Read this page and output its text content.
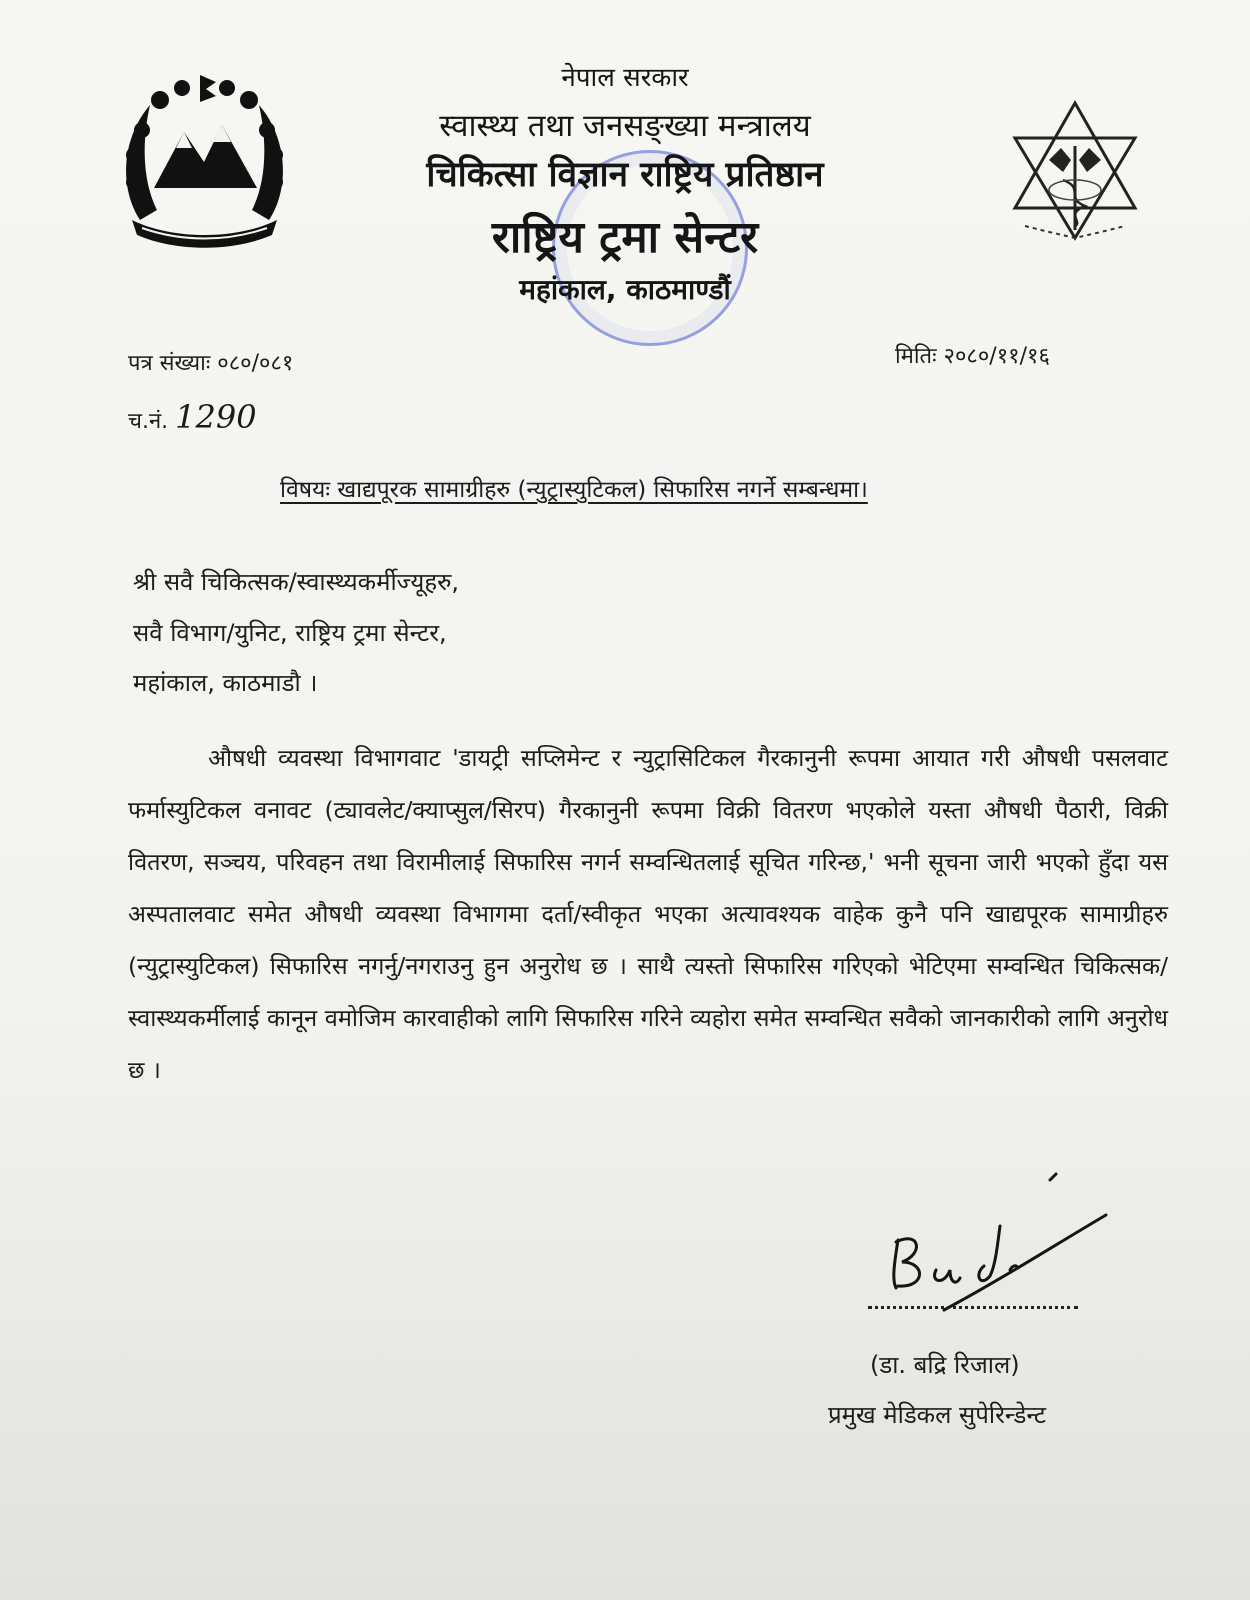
नेपाल सरकार
स्वास्थ्य तथा जनसङ्ख्या मन्त्रालय
चिकित्सा विज्ञान राष्ट्रिय प्रतिष्ठान
राष्ट्रिय ट्रमा सेन्टर
महांकाल, काठमाण्डौं
पत्र संख्याः ०८०/०८१
च.नं. 1290
मितिः २०८०/११/१६
विषयः खाद्यपूरक सामाग्रीहरु (न्युट्रास्युटिकल) सिफारिस नगर्ने सम्बन्धमा।
श्री सवै चिकित्सक/स्वास्थ्यकर्मीज्यूहरु,
सवै विभाग/युनिट, राष्ट्रिय ट्रमा सेन्टर,
महांकाल, काठमाडौ ।
औषधी व्यवस्था विभागवाट 'डायट्री सप्लिमेन्ट र न्युट्रासिटिकल गैरकानुनी रूपमा आयात गरी औषधी पसलवाट फर्मास्युटिकल वनावट (ट्यावलेट/क्याप्सुल/सिरप) गैरकानुनी रूपमा विक्री वितरण भएकोले यस्ता औषधी पैठारी, विक्री वितरण, सञ्चय, परिवहन तथा विरामीलाई सिफारिस नगर्न सम्वन्धितलाई सूचित गरिन्छ,' भनी सूचना जारी भएको हुँदा यस अस्पतालवाट समेत औषधी व्यवस्था विभागमा दर्ता/स्वीकृत भएका अत्यावश्यक वाहेक कुनै पनि खाद्यपूरक सामाग्रीहरु (न्युट्रास्युटिकल) सिफारिस नगर्नु/नगराउनु हुन अनुरोध छ । साथै त्यस्तो सिफारिस गरिएको भेटिएमा सम्वन्धित चिकित्सक/स्वास्थ्यकर्मीलाई कानून वमोजिम कारवाहीको लागि सिफारिस गरिने व्यहोरा समेत सम्वन्धित सवैको जानकारीको लागि अनुरोध छ ।
(डा. बद्रि रिजाल)
प्रमुख मेडिकल सुपेरिन्डेन्ट
